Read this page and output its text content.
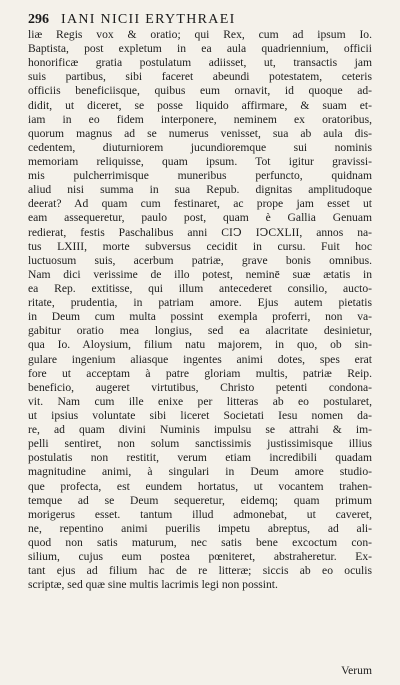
296 IANI NICII ERYTHRAEI
liæ Regis vox & oratio; qui Rex, cum ad ipsum Io.
Baptista, post expletum in ea aula quadriennium, officii
honorificæ gratia postulatum adiisset, ut, transactis jam
suis partibus, sibi faceret abeundi potestatem, ceteris
officiis beneficiisque, quibus eum ornavit, id quoque ad-
didit, ut diceret, se posse liquido affirmare, & suam et-
iam in eo fidem interponere, neminem ex oratoribus,
quorum magnus ad se numerus venisset, sua ab aula dis-
cedentem, diuturniorem jucundioremque sui nominis
memoriam reliquisse, quam ipsum. Tot igitur gravissi-
mis pulcherrimisque muneribus perfuncto, quidnam
aliud nisi summa in sua Repub. dignitas amplitudoque
deerat? Ad quam cum festinaret, ac prope jam esset ut
eam assequeretur, paulo post, quam è Gallia Genuam
redierat, festis Paschalibus anni CIↃ IↃCXLII, annos na-
tus LXIII, morte subversus cecidit in cursu. Fuit hoc
luctuosum suis, acerbum patriæ, grave bonis omnibus.
Nam dici verissime de illo potest, neminē suæ ætatis in
ea Rep. extitisse, qui illum antecederet consilio, aucto-
ritate, prudentia, in patriam amore. Ejus autem pietatis
in Deum cum multa possint exempla proferri, non va-
gabitur oratio mea longius, sed ea alacritate desinietur,
qua Io. Aloysium, filium natu majorem, in quo, ob sin-
gulare ingenium aliasque ingentes animi dotes, spes erat
fore ut acceptam à patre gloriam multis, patriæ Reip.
beneficio, augeret virtutibus, Christo petenti condona-
vit. Nam cum ille enixe per litteras ab eo postularet,
ut ipsius voluntate sibi liceret Societati Iesu nomen da-
re, ad quam divini Numinis impulsu se attrahi & im-
pelli sentiret, non solum sanctissimis justissimisque illius
postulatis non restitit, verum etiam incredibili quadam
magnitudine animi, à singulari in Deum amore studio-
que profecta, est eundem hortatus, ut vocantem trahen-
temque ad se Deum sequeretur, eidemq; quam primum
morigerus esset. tantum illud admonebat, ut caveret,
ne, repentino animi puerilis impetu abreptus, ad ali-
quod non satis maturum, nec satis bene excoctum con-
silium, cujus eum postea pœniteret, abstraheretur. Ex-
tant ejus ad filium hac de re litteræ; siccis ab eo oculis
scriptæ, sed quæ sine multis lacrimis legi non possint.
Verum
